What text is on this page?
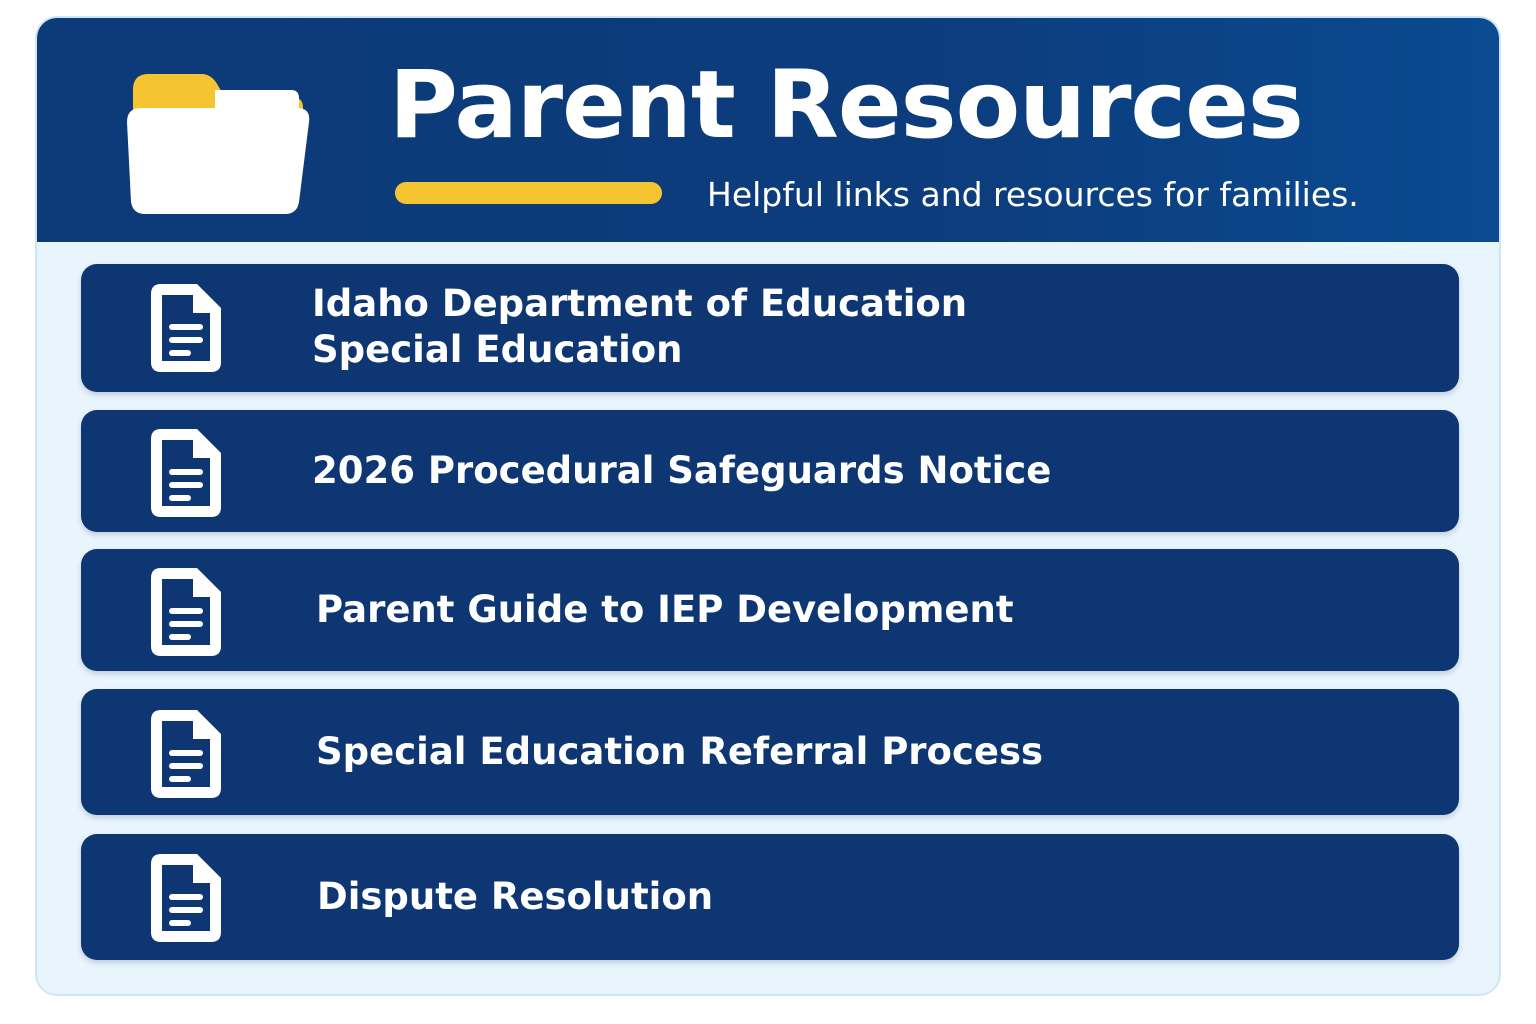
Parent Resources
Helpful links and resources for families.
Idaho Department of Education
Special Education
2026 Procedural Safeguards Notice
Parent Guide to IEP Development
Special Education Referral Process
Dispute Resolution
